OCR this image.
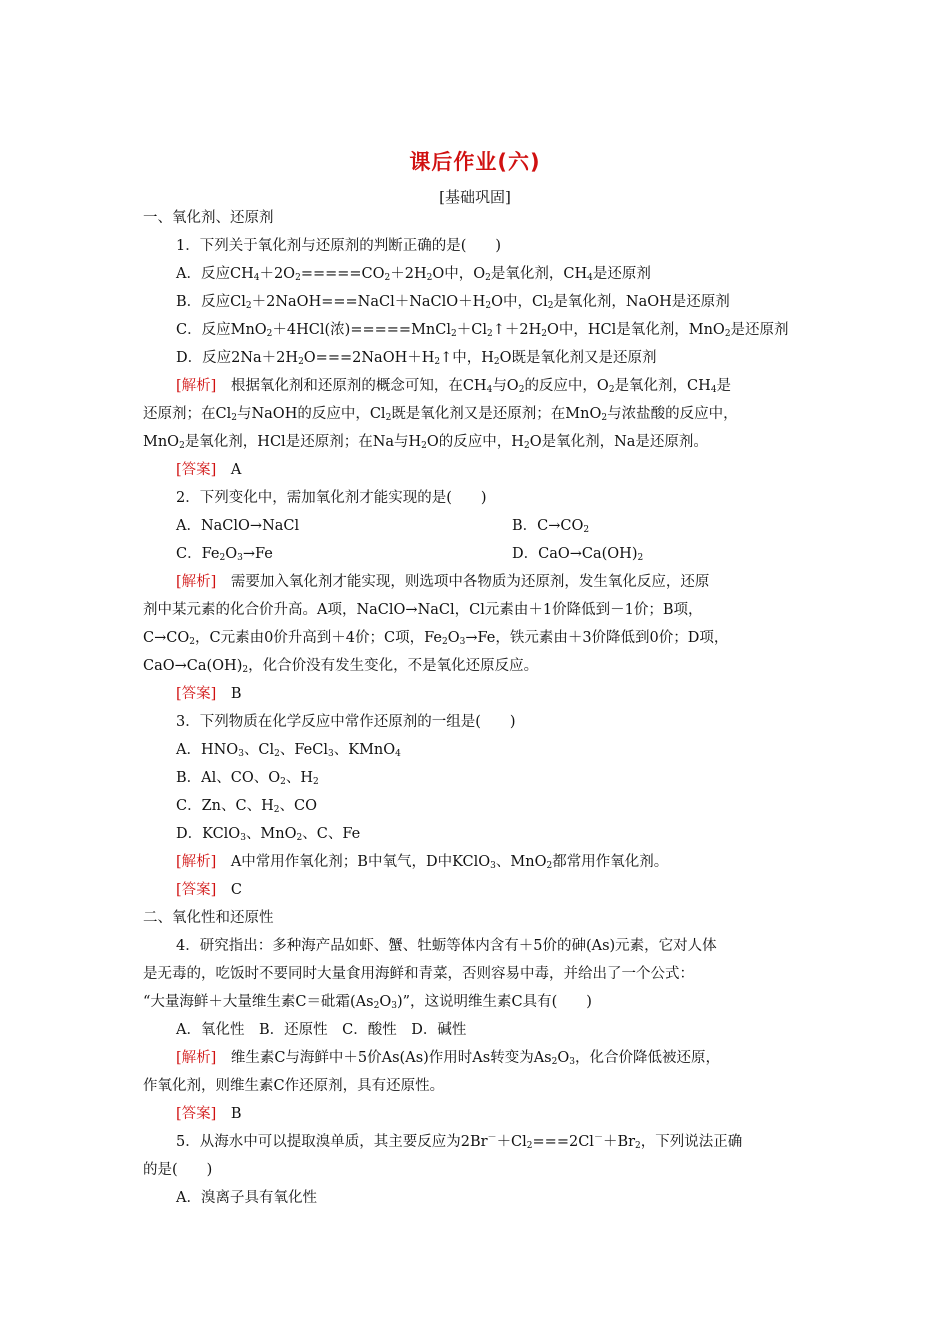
课后作业(六)
[基础巩固]
一、氧化剂、还原剂
1．下列关于氧化剂与还原剂的判断正确的是(　　)
A．反应$CH_4+2O_2=====CO_2+2H_2O$中，$O_2$是氧化剂，$CH_4$是还原剂
B．反应$Cl_2+2NaOH===NaCl+NaClO+H_2O$中，$Cl_2$是氧化剂，NaOH是还原剂
C．反应MnO$_2$＋4HCl(浓)$=====MnCl_2+Cl_2↑+2H_2O$中，HCl是氧化剂，MnO$_2$是还原剂
D．反应$2Na+2H_2O===2NaOH+H_2↑$中，$H_2O$既是氧化剂又是还原剂
[解析]　根据氧化剂和还原剂的概念可知，在$CH_4$与$O_2$的反应中，$O_2$是氧化剂，$CH_4$是
还原剂；在$Cl_2$与NaOH的反应中，$Cl_2$既是氧化剂又是还原剂；在MnO$_2$与浓盐酸的反应中，
MnO$_2$是氧化剂，HCl是还原剂；在Na与$H_2O$的反应中，$H_2O$是氧化剂，Na是还原剂。
[答案]　 A
2．下列变化中，需加氧化剂才能实现的是(　　)
A．NaClO→NaCl	B．$C\to CO_2$
C．$Fe_2O_3\to Fe$	D．$CaO\to Ca(OH)_2$
[解析]　需要加入氧化剂才能实现，则选项中各物质为还原剂，发生氧化反应，还原
剂中某元素的化合价升高。A项，NaClO→NaCl，Cl元素由＋1价降低到－1价；B项，
$C\to CO_2$，C元素由0价升高到＋4价；C项，$Fe_2O_3\to Fe$，铁元素由＋3价降低到0价；D项，
$CaO\to Ca(OH)_2$，化合价没有发生变化，不是氧化还原反应。
[答案]　 B
3．下列物质在化学反应中常作还原剂的一组是(　　)
A．$HNO_3$、$Cl_2$、FeCl$_3$、KMnO$_4$
B．Al、CO、$O_2$、$H_2$
C．Zn、C、$H_2$、CO
D．KClO$_3$、MnO$_2$、C、Fe
[解析]　A中常用作氧化剂；B中氧气，D中KClO$_3$、MnO$_2$都常用作氧化剂。
[答案]　 C
二、氧化性和还原性
4．研究指出：多种海产品如虾、蟹、牡蛎等体内含有＋5价的砷(As)元素，它对人体
是无毒的，吃饭时不要同时大量食用海鲜和青菜，否则容易中毒，并给出了一个公式：
“大量海鲜＋大量维生素C＝砒霜$(As_2O_3)$”，这说明维生素C具有(　　)
A．氧化性　B．还原性　C．酸性　D．碱性
[解析]　维生素C与海鲜中＋5价As(As)作用时As转变为$As_2O_3$，化合价降低被还原，
作氧化剂，则维生素C作还原剂，具有还原性。
[答案]　 B
5．从海水中可以提取溴单质，其主要反应为$2Br^-+Cl_2===2Cl^-+Br_2$，下列说法正确
的是(　　)
A．溴离子具有氧化性
